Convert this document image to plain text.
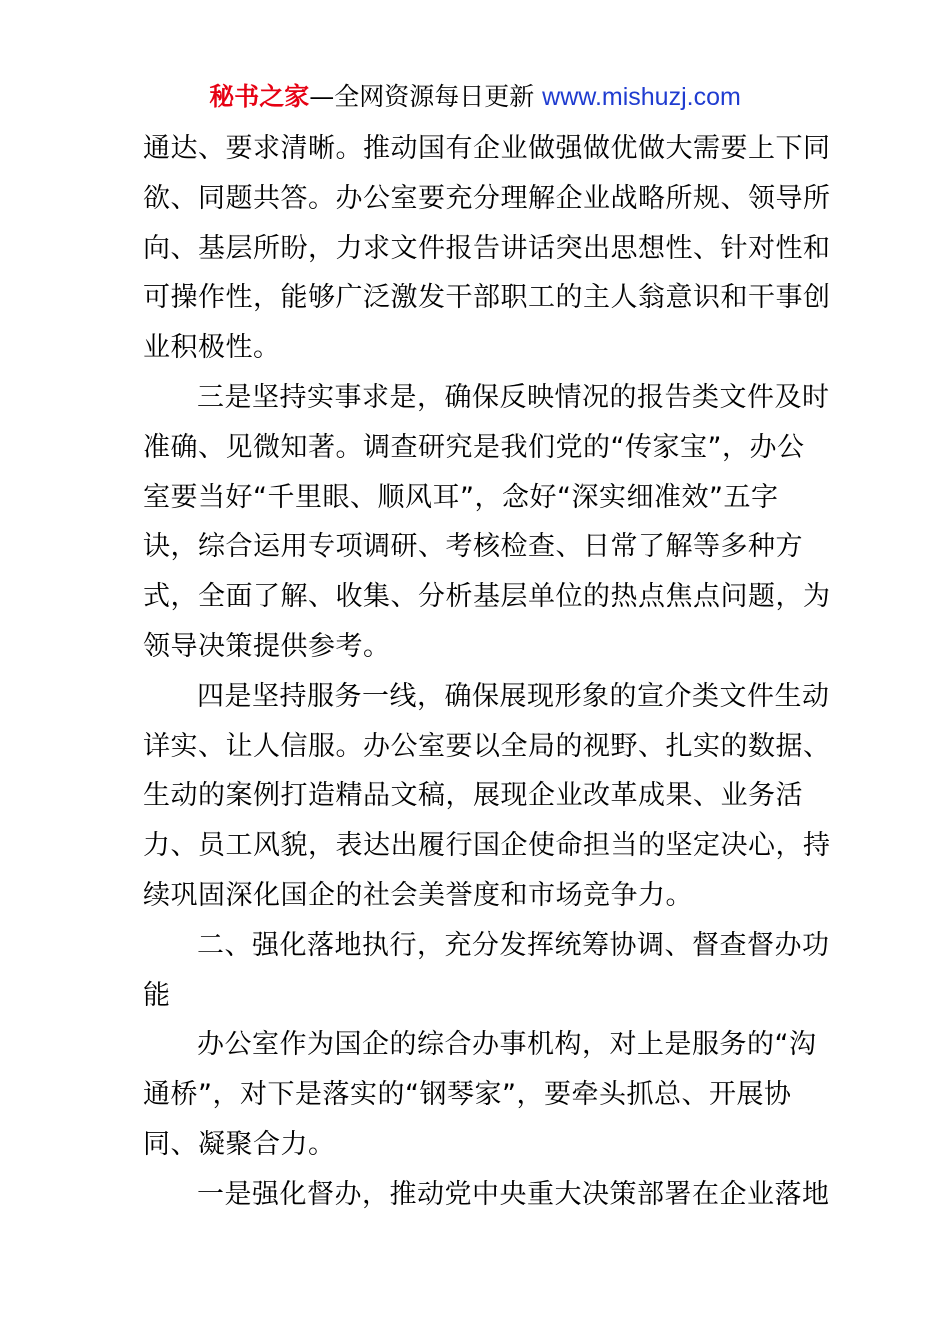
秘书之家—全网资源每日更新 www.mishuzj.com
通达、要求清晰。推动国有企业做强做优做大需要上下同
欲、同题共答。办公室要充分理解企业战略所规、领导所
向、基层所盼，力求文件报告讲话突出思想性、针对性和
可操作性，能够广泛激发干部职工的主人翁意识和干事创
业积极性。
三是坚持实事求是，确保反映情况的报告类文件及时
准确、见微知著。调查研究是我们党的“传家宝”，办公
室要当好“千里眼、顺风耳”，念好“深实细准效”五字
诀，综合运用专项调研、考核检查、日常了解等多种方
式，全面了解、收集、分析基层单位的热点焦点问题，为
领导决策提供参考。
四是坚持服务一线，确保展现形象的宣介类文件生动
详实、让人信服。办公室要以全局的视野、扎实的数据、
生动的案例打造精品文稿，展现企业改革成果、业务活
力、员工风貌，表达出履行国企使命担当的坚定决心，持
续巩固深化国企的社会美誉度和市场竞争力。
二、强化落地执行，充分发挥统筹协调、督查督办功
能
办公室作为国企的综合办事机构，对上是服务的“沟
通桥”，对下是落实的“钢琴家”，要牵头抓总、开展协
同、凝聚合力。
一是强化督办，推动党中央重大决策部署在企业落地
